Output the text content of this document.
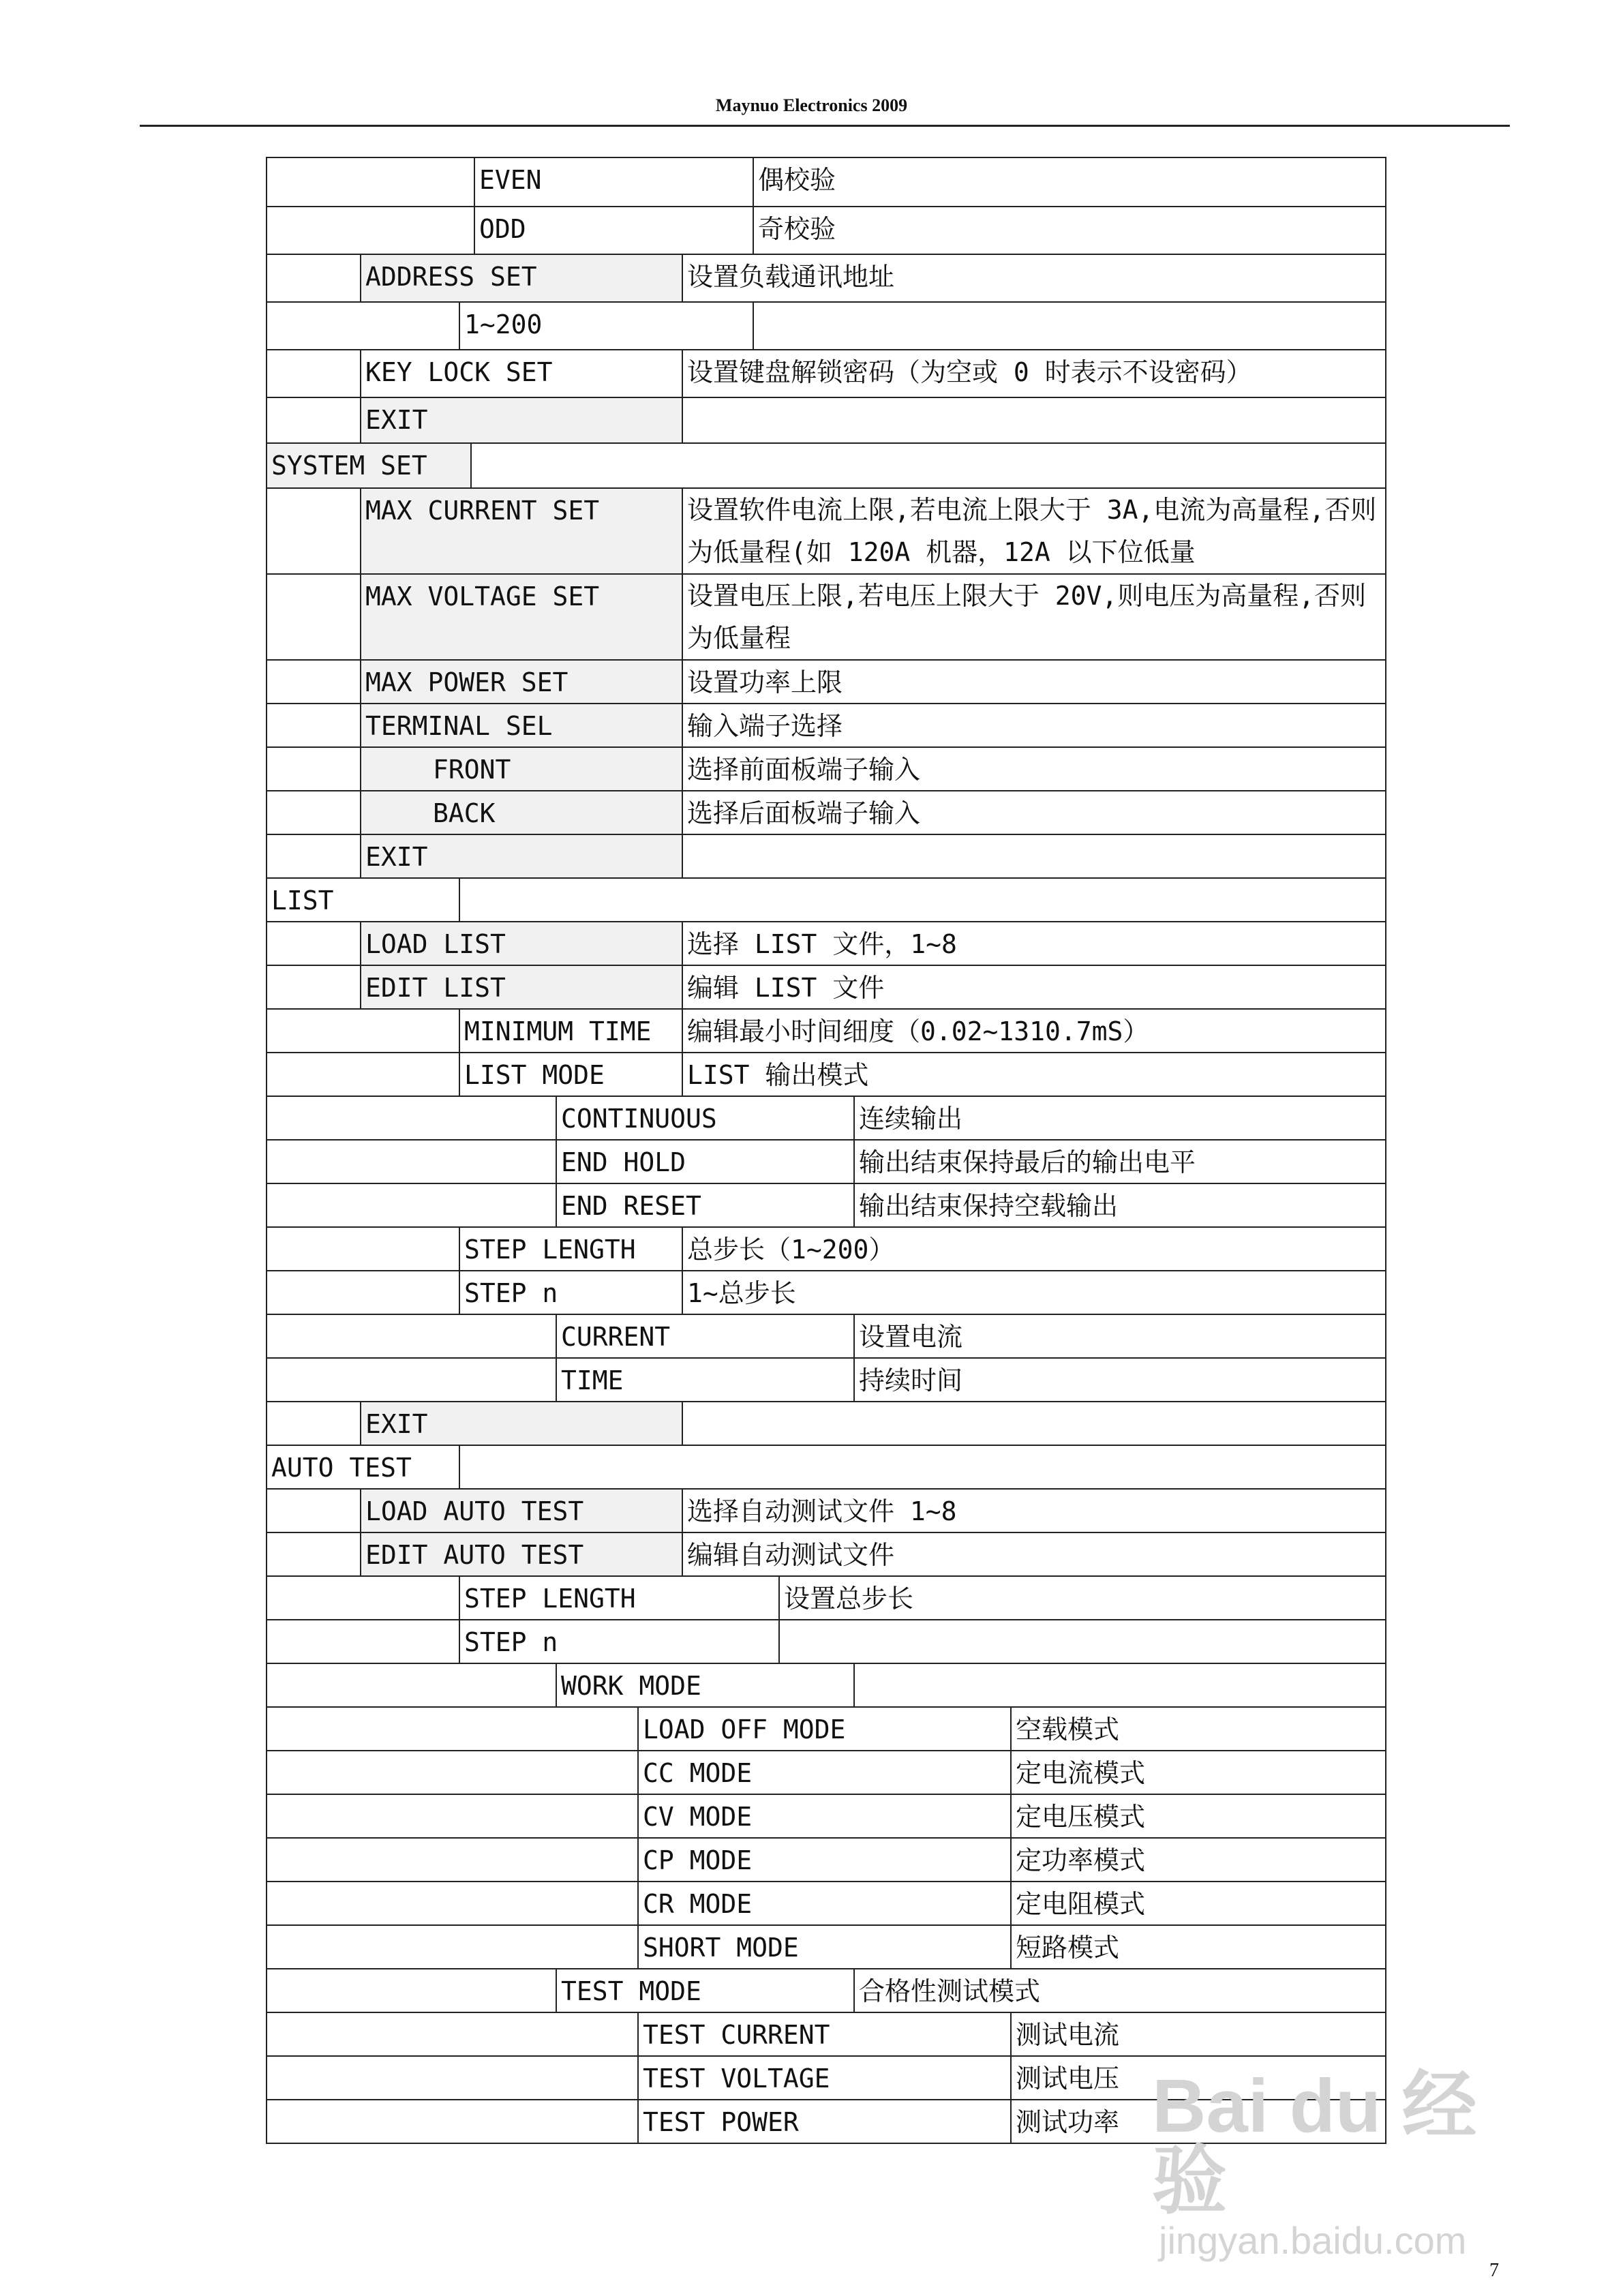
Maynuo Electronics 2009
EVEN	偶校验
ODD	奇校验
ADDRESS SET	设置负载通讯地址
1~200
KEY LOCK SET	设置键盘解锁密码（为空或 0 时表示不设密码）
EXIT
SYSTEM SET
MAX CURRENT SET	设置软件电流上限,若电流上限大于 3A,电流为高量程,否则为低量程(如 120A 机器，12A 以下位低量
MAX VOLTAGE SET	设置电压上限,若电压上限大于 20V,则电压为高量程,否则为低量程
MAX POWER SET	设置功率上限
TERMINAL SEL	输入端子选择
FRONT	选择前面板端子输入
BACK	选择后面板端子输入
EXIT
LIST
LOAD LIST	选择 LIST 文件，1~8
EDIT LIST	编辑 LIST 文件
MINIMUM TIME	编辑最小时间细度（0.02~1310.7mS）
LIST MODE	LIST 输出模式
CONTINUOUS	连续输出
END HOLD	输出结束保持最后的输出电平
END RESET	输出结束保持空载输出
STEP LENGTH	总步长（1~200）
STEP n	1~总步长
CURRENT	设置电流
TIME	持续时间
EXIT
AUTO TEST
LOAD AUTO TEST	选择自动测试文件 1~8
EDIT AUTO TEST	编辑自动测试文件
STEP LENGTH	设置总步长
STEP n
WORK MODE
LOAD OFF MODE	空载模式
CC MODE	定电流模式
CV MODE	定电压模式
CP MODE	定功率模式
CR MODE	定电阻模式
SHORT MODE	短路模式
TEST MODE	合格性测试模式
TEST CURRENT	测试电流
TEST VOLTAGE	测试电压
TEST POWER	测试功率 Bai du 经验
jingyan.baidu.com
7
